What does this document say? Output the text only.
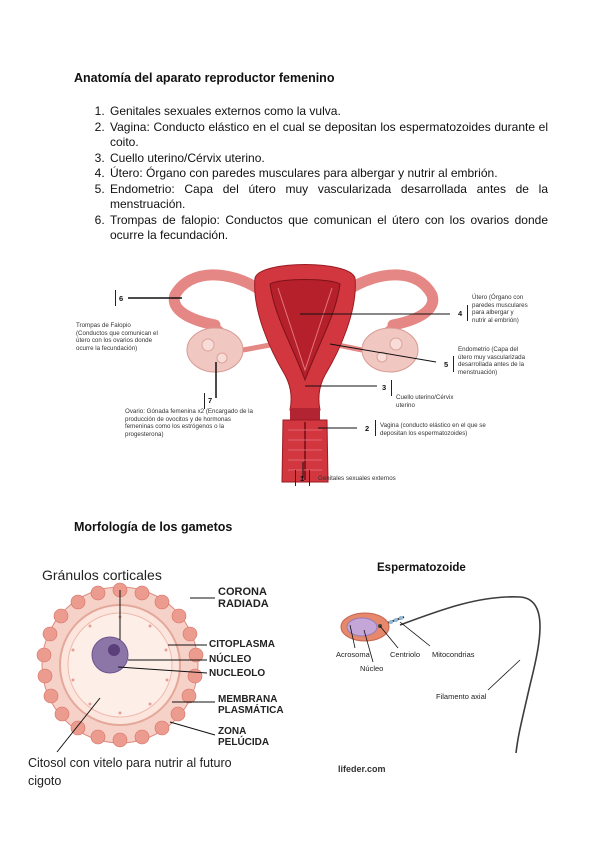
Anatomía del aparato reproductor femenino
1. Genitales sexuales externos como la vulva.
2. Vagina: Conducto elástico en el cual se depositan los espermatozoides durante el coito.
3. Cuello uterino/Cérvix uterino.
4. Útero: Órgano con paredes musculares para albergar y nutrir al embrión.
5. Endometrio: Capa del útero muy vascularizada desarrollada antes de la menstruación.
6. Trompas de falopio: Conductos que comunican el útero con los ovarios donde ocurre la fecundación.
6
Trompas de Falopio (Conductos que comunican el útero con los ovarios donde ocurre la fecundación)
7
Ovario: Gónada femenina x2 (Encargado de la producción de ovocitos y de hormonas femeninas como los estrógenos o la progesterona)
4
Útero (Órgano con paredes musculares para albergar y nutrir al embrión)
5
Endometrio (Capa del útero muy vascularizada desarrollada antes de la menstruación)
3
Cuello uterino/Cérvix uterino
2 Vagina (conducto elástico en el que se depositan los espermatozoides)
1 Genitales sexuales externos
Morfología de los gametos
Gránulos corticales
CORONA RADIADA
CITOPLASMA
NÚCLEO
NUCLEOLO
MEMBRANA PLASMÁTICA
ZONA PELÚCIDA
Citosol con vitelo para nutrir al futuro cigoto
Espermatozoide
Acrosoma
Núcleo
Centriolo Mitocondrias
Filamento axial
lifeder.com
